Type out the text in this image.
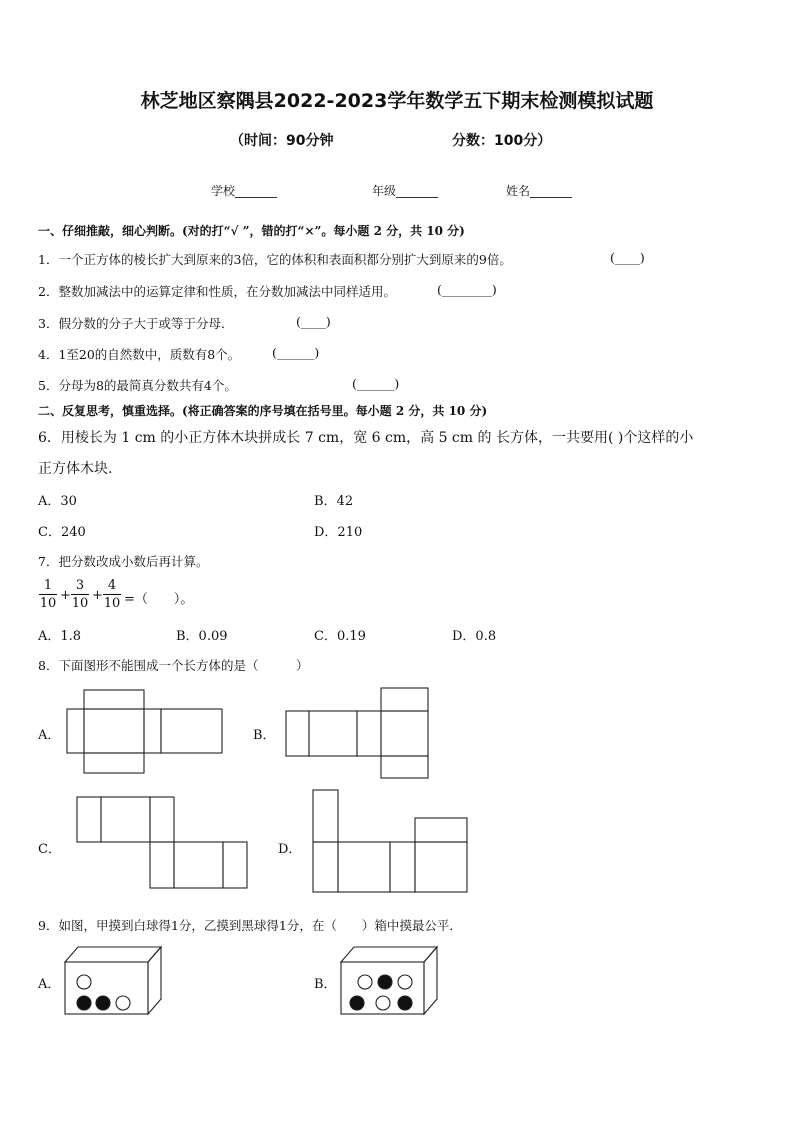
林芝地区察隅县2022-2023学年数学五下期末检测模拟试题
（时间：90分钟	分数：100分）
学校_______	年级_______	姓名_______
一、仔细推敲，细心判断。(对的打“√ ”，错的打“×”。每小题 2 分，共 10 分)
1．一个正方体的棱长扩大到原来的3倍，它的体积和表面积都分别扩大到原来的9倍。	(____)
2．整数加减法中的运算定律和性质，在分数加减法中同样适用。	(________)
3．假分数的分子大于或等于分母．	(____)
4．1至20的自然数中，质数有8个。	(______)
5．分母为8的最简真分数共有4个。	(______)
二、反复思考，慎重选择。(将正确答案的序号填在括号里。每小题 2 分，共 10 分)
6．用棱长为 1 cm 的小正方体木块拼成长 7 cm，宽 6 cm，高 5 cm 的 长方体，一共要用( )个这样的小
正方体木块.
A．30	B．42
C．240	D．210
7．把分数改成小数后再计算。
1
10
+
3
10
+
4
10 =（　　）。
A．1.8	B．0.09	C．0.19	D．0.8
8．下面图形不能围成一个长方体的是（　　　）
A．	B．
C．	D．
9．如图，甲摸到白球得1分，乙摸到黑球得1分，在（　　）箱中摸最公平．
A．	B．
